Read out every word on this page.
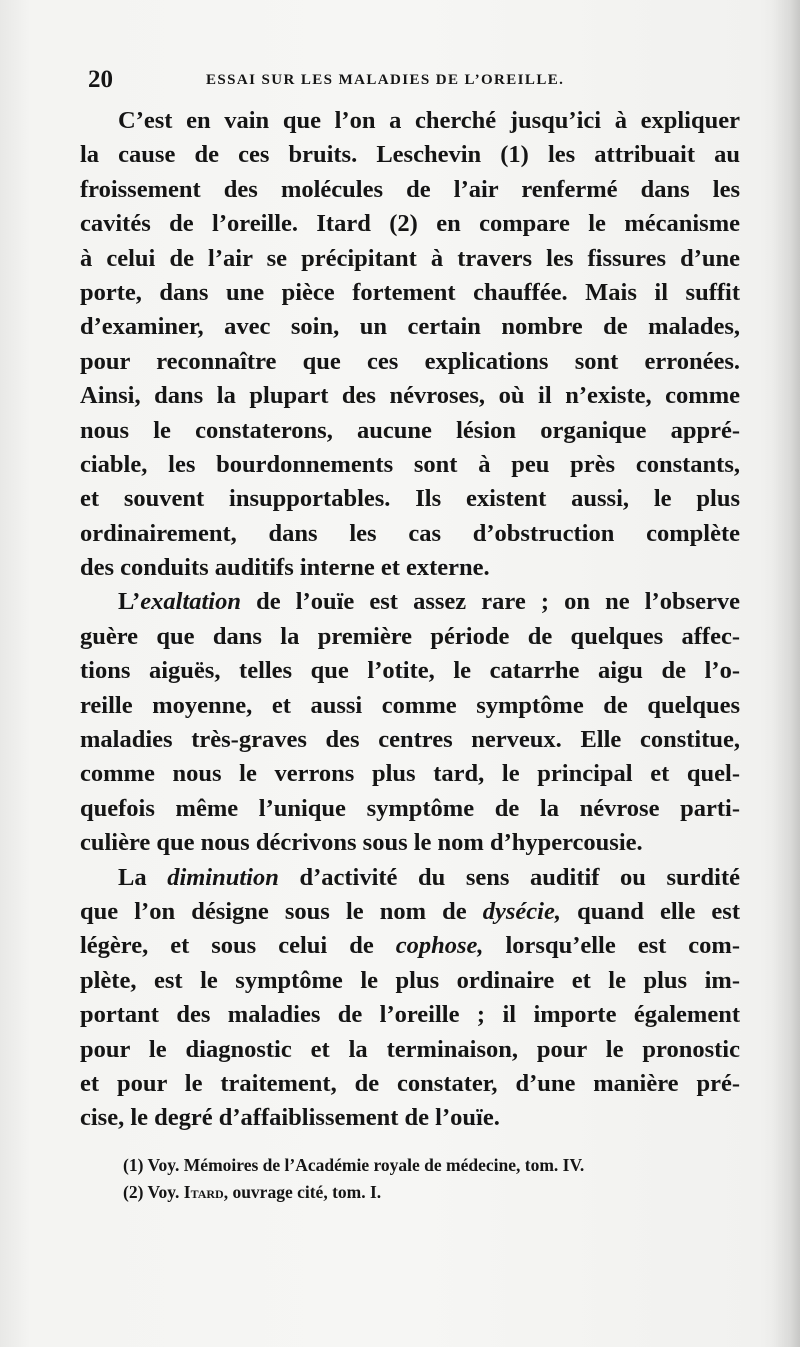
20	ESSAI SUR LES MALADIES DE L’OREILLE.
C’est en vain que l’on a cherché jusqu’ici à expliquer
la cause de ces bruits. Leschevin (1) les attribuait au
froissement des molécules de l’air renfermé dans les
cavités de l’oreille. Itard (2) en compare le mécanisme
à celui de l’air se précipitant à travers les fissures d’une
porte, dans une pièce fortement chauffée. Mais il suffit
d’examiner, avec soin, un certain nombre de malades,
pour reconnaître que ces explications sont erronées.
Ainsi, dans la plupart des névroses, où il n’existe, comme
nous le constaterons, aucune lésion organique appré-
ciable, les bourdonnements sont à peu près constants,
et souvent insupportables. Ils existent aussi, le plus
ordinairement, dans les cas d’obstruction complète
des conduits auditifs interne et externe.
L’exaltation de l’ouïe est assez rare ; on ne l’observe
guère que dans la première période de quelques affec-
tions aiguës, telles que l’otite, le catarrhe aigu de l’o-
reille moyenne, et aussi comme symptôme de quelques
maladies très-graves des centres nerveux. Elle constitue,
comme nous le verrons plus tard, le principal et quel-
quefois même l’unique symptôme de la névrose parti-
culière que nous décrivons sous le nom d’hypercousie.
La diminution d’activité du sens auditif ou surdité
que l’on désigne sous le nom de dysécie, quand elle est
légère, et sous celui de cophose, lorsqu’elle est com-
plète, est le symptôme le plus ordinaire et le plus im-
portant des maladies de l’oreille ; il importe également
pour le diagnostic et la terminaison, pour le pronostic
et pour le traitement, de constater, d’une manière pré-
cise, le degré d’affaiblissement de l’ouïe.
(1) Voy. Mémoires de l’Académie royale de médecine, tom. IV.
(2) Voy. Itard, ouvrage cité, tom. I.
